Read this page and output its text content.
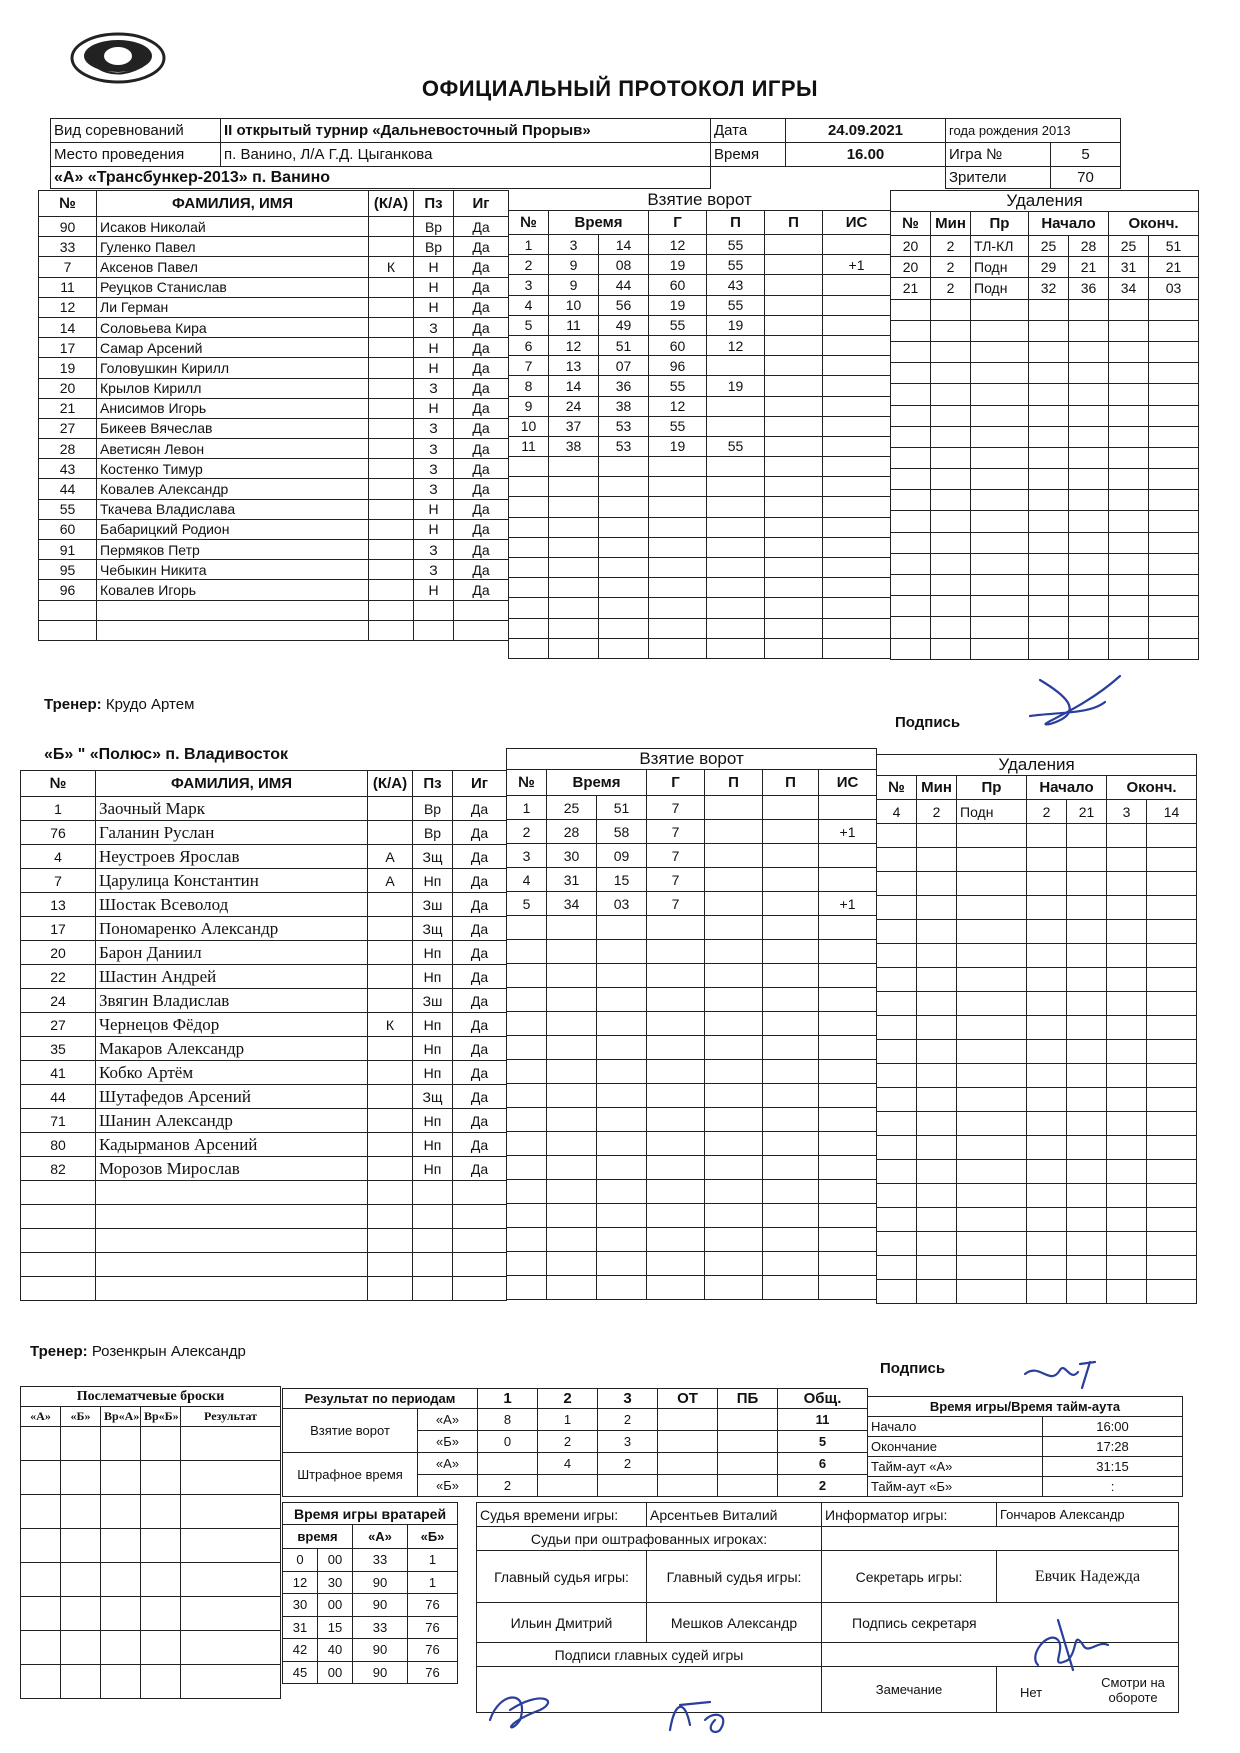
ОФИЦИАЛЬНЫЙ ПРОТОКОЛ ИГРЫ
Вид соревнований	II открытый турнир «Дальневосточный Прорыв»	Дата	24.09.2021	года рождения 2013	
Место проведения	п. Ванино, Л/А Г.Д. Цыганкова	Время	16.00	Игра №	5
«А» «Трансбункер-2013» п. Ванино				Зрители	70
№	ФАМИЛИЯ, ИМЯ	(К/А)	Пз	Иг
90	Исаков Николай		Вр	Да
33	Гуленко Павел		Вр	Да
7	Аксенов Павел	К	Н	Да
11	Реуцков Станислав		Н	Да
12	Ли Герман		Н	Да
14	Соловьева Кира		З	Да
17	Самар Арсений		Н	Да
19	Головушкин Кирилл		Н	Да
20	Крылов Кирилл		З	Да
21	Анисимов Игорь		Н	Да
27	Бикеев Вячеслав		З	Да
28	Аветисян Левон		З	Да
43	Костенко Тимур		З	Да
44	Ковалев Александр		З	Да
55	Ткачева Владислава		Н	Да
60	Бабарицкий Родион		Н	Да
91	Пермяков Петр		З	Да
95	Чебыкин Никита		З	Да
96	Ковалев Игорь		Н	Да

Взятие ворот						
№	Время		Г	П	П	ИС
1	3	14	12	55		
2	9	08	19	55		+1
3	9	44	60	43		
4	10	56	19	55		
5	11	49	55	19		
6	12	51	60	12		
7	13	07	96			
8	14	36	55	19		
9	24	38	12			
10	37	53	55			
11	38	53	19	55		

Удаления						
№	Мин	Пр	Начало		Оконч.	
20	2	ТЛ-КЛ	25	28	25	51
20	2	Подн	29	21	31	21
21	2	Подн	32	36	34	03

Тренер: Крудо Артем
Подпись
«Б» " «Полюс» п. Владивосток
№	ФАМИЛИЯ, ИМЯ	(К/А)	Пз	Иг
1	Заочный Марк		Вр	Да
76	Галанин Руслан		Вр	Да
4	Неустроев Ярослав	А	Зщ	Да
7	Царулица Константин	А	Нп	Да
13	Шостак Всеволод		Зш	Да
17	Пономаренко Александр		Зщ	Да
20	Барон Даниил		Нп	Да
22	Шастин Андрей		Нп	Да
24	Звягин Владислав		Зш	Да
27	Чернецов Фёдор	К	Нп	Да
35	Макаров Александр		Нп	Да
41	Кобко Артём		Нп	Да
44	Шутафедов Арсений		Зщ	Да
71	Шанин Александр		Нп	Да
80	Кадырманов Арсений		Нп	Да
82	Морозов Мирослав		Нп	Да

Взятие ворот						
№	Время		Г	П	П	ИС
1	25	51	7			
2	28	58	7			+1
3	30	09	7			
4	31	15	7			
5	34	03	7			+1

Удаления						
№	Мин	Пр	Начало		Оконч.	
4	2	Подн	2	21	3	14

Тренер: Розенкрын Александр
Подпись
Послематчевые броски				
«А»	«Б»	Вр«А»	Вр«Б»	Результат

Результат по периодам		1	2	3	ОТ	ПБ	Общ.
Взятие ворот	«А»	8	1	2			11
	«Б»	0	2	3			5
Штрафное время	«А»		4	2			6
	«Б»	2					2
Время игры/Время тайм-аута	
Начало	16:00
Окончание	17:28
Тайм-аут «А»	31:15
Тайм-аут «Б»	:
Время игры вратарей			
время		«А»	«Б»
0	00	33	1
12	30	90	1
30	00	90	76
31	15	33	76
42	40	90	76
45	00	90	76
Судья времени игры:	Арсентьев Виталий	Информатор игры:	Гончаров Александр
Судьи при оштрафованных игроках:			
Главный судья игры:	Главный судья игры:	Секретарь игры:	Евчик Надежда
Ильин Дмитрий	Мешков Александр	Подпись секретаря	
Подписи главных судей игры			
		Замечание	Нет
Смотри на обороте
